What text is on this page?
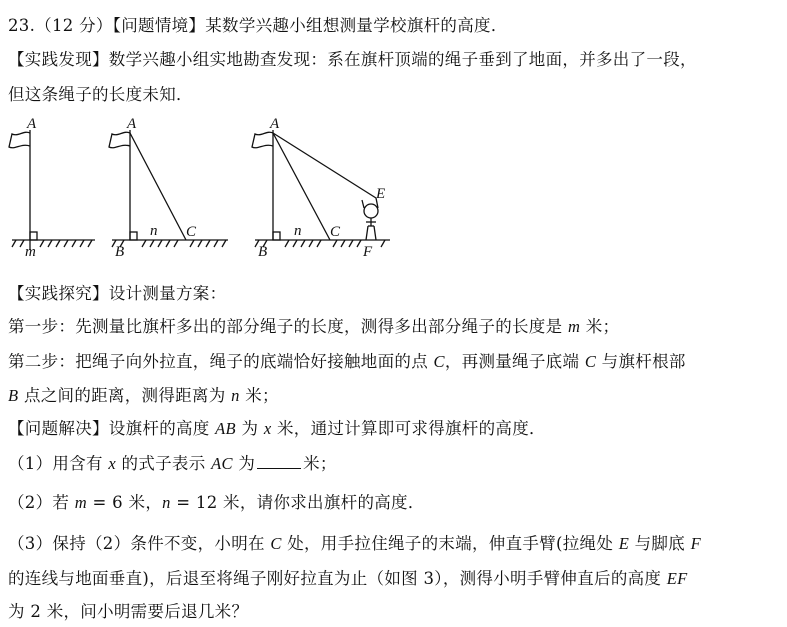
23.（12 分）【问题情境】某数学兴趣小组想测量学校旗杆的高度．
【实践发现】数学兴趣小组实地勘查发现：系在旗杆顶端的绳子垂到了地面，并多出了一段，
但这条绳子的长度未知．
【实践探究】设计测量方案：
第一步：先测量比旗杆多出的部分绳子的长度，测得多出部分绳子的长度是 m 米；
第二步：把绳子向外拉直，绳子的底端恰好接触地面的点 C，再测量绳子底端 C 与旗杆根部
B 点之间的距离，测得距离为 n 米；
【问题解决】设旗杆的高度 AB 为 x 米，通过计算即可求得旗杆的高度．
（1）用含有 x 的式子表示 AC 为	米；
（2）若 m = 6 米，n = 12 米，请你求出旗杆的高度．
（3）保持（2）条件不变，小明在 C 处，用手拉住绳子的末端，伸直手臂(拉绳处 E 与脚底 F
的连线与地面垂直)，后退至将绳子刚好拉直为止（如图 3），测得小明手臂伸直后的高度 EF
为 2 米，问小明需要后退几米？
A
m
A
B
n C
A
B
n C
E
F
